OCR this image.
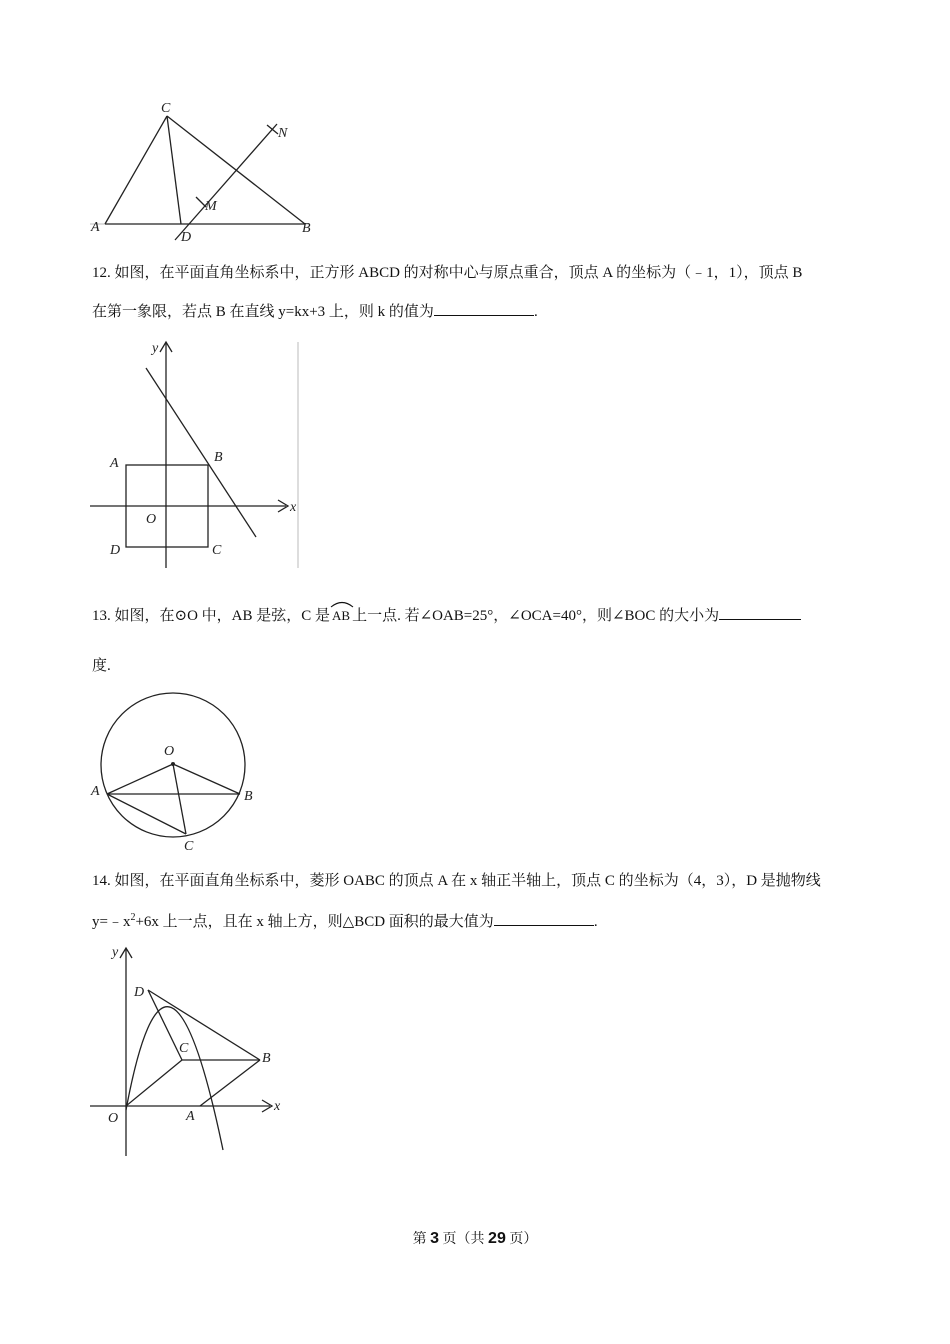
C
A	B
D
M
N
12. 如图，在平面直角坐标系中，正方形 ABCD 的对称中心与原点重合，顶点 A 的坐标为（﹣1，1），顶点 B
在第一象限，若点 B 在直线 y=kx+3 上，则 k 的值为	.
y
x
A	B
C
D
O
13. 如图，在⊙O 中，AB 是弦，C 是 AB 上一点. 若∠OAB=25°，∠OCA=40°，则∠BOC 的大小为
度.
O
A	B
C
14. 如图，在平面直角坐标系中，菱形 OABC 的顶点 A 在 x 轴正半轴上，顶点 C 的坐标为（4，3），D 是抛物线
$y=﹣x^2+6x$ 上一点，且在 x 轴上方，则△BCD 面积的最大值为	.
y
x
D
C
B
O	A
第 3 页（共 29 页）
